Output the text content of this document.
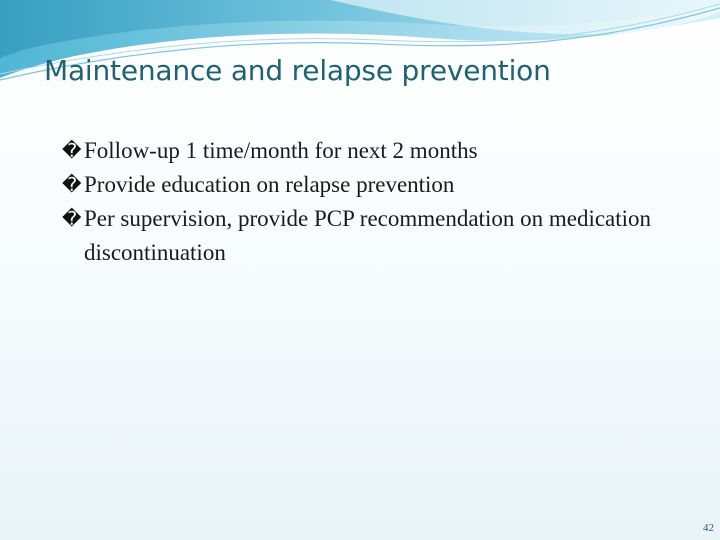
Maintenance and relapse prevention
� Follow-up 1 time/month for next 2 months
� Provide education on relapse prevention
� Per supervision, provide PCP recommendation on medication discontinuation
42
